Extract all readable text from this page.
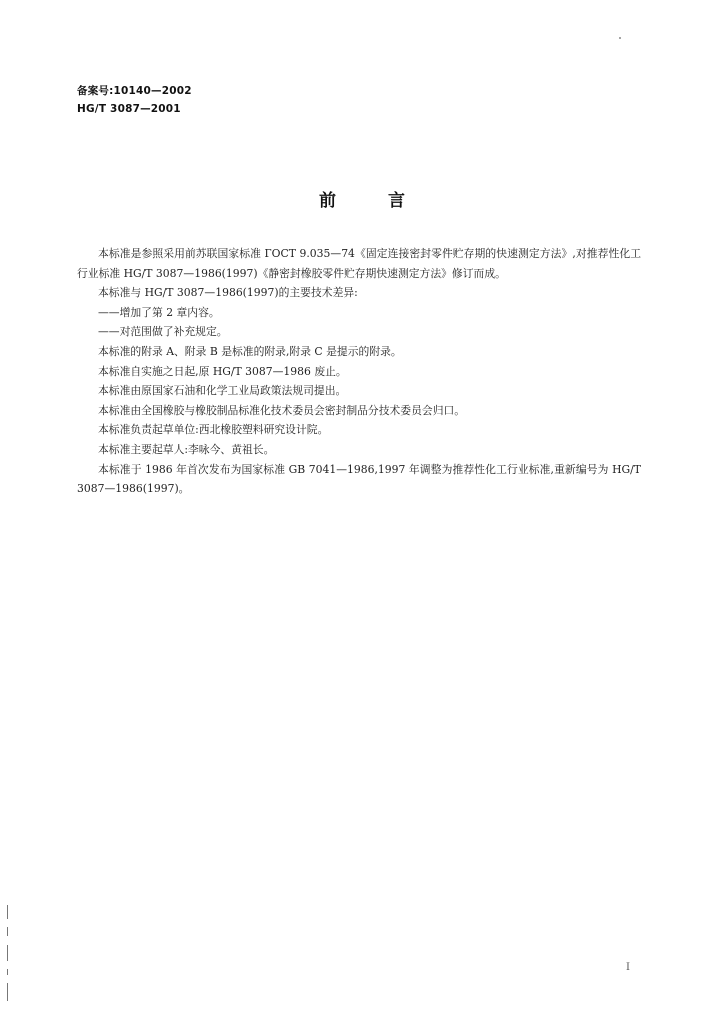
备案号:10140—2002
HG/T 3087—2001
前言

本标准是参照采用前苏联国家标准 ГОСТ 9.035—74《固定连接密封零件贮存期的快速测定方法》,对推荐性化工行业标准 HG/T 3087—1986(1997)《静密封橡胶零件贮存期快速测定方法》修订而成。

本标准与 HG/T 3087—1986(1997)的主要技术差异:

——增加了第 2 章内容。

——对范围做了补充规定。

本标准的附录 A、附录 B 是标准的附录,附录 C 是提示的附录。

本标准自实施之日起,原 HG/T 3087—1986 废止。

本标准由原国家石油和化学工业局政策法规司提出。

本标准由全国橡胶与橡胶制品标准化技术委员会密封制品分技术委员会归口。

本标准负责起草单位:西北橡胶塑料研究设计院。

本标准主要起草人:李咏今、黄祖长。

本标准于 1986 年首次发布为国家标准 GB 7041—1986,1997 年调整为推荐性化工行业标准,重新编号为 HG/T 3087—1986(1997)。

I
